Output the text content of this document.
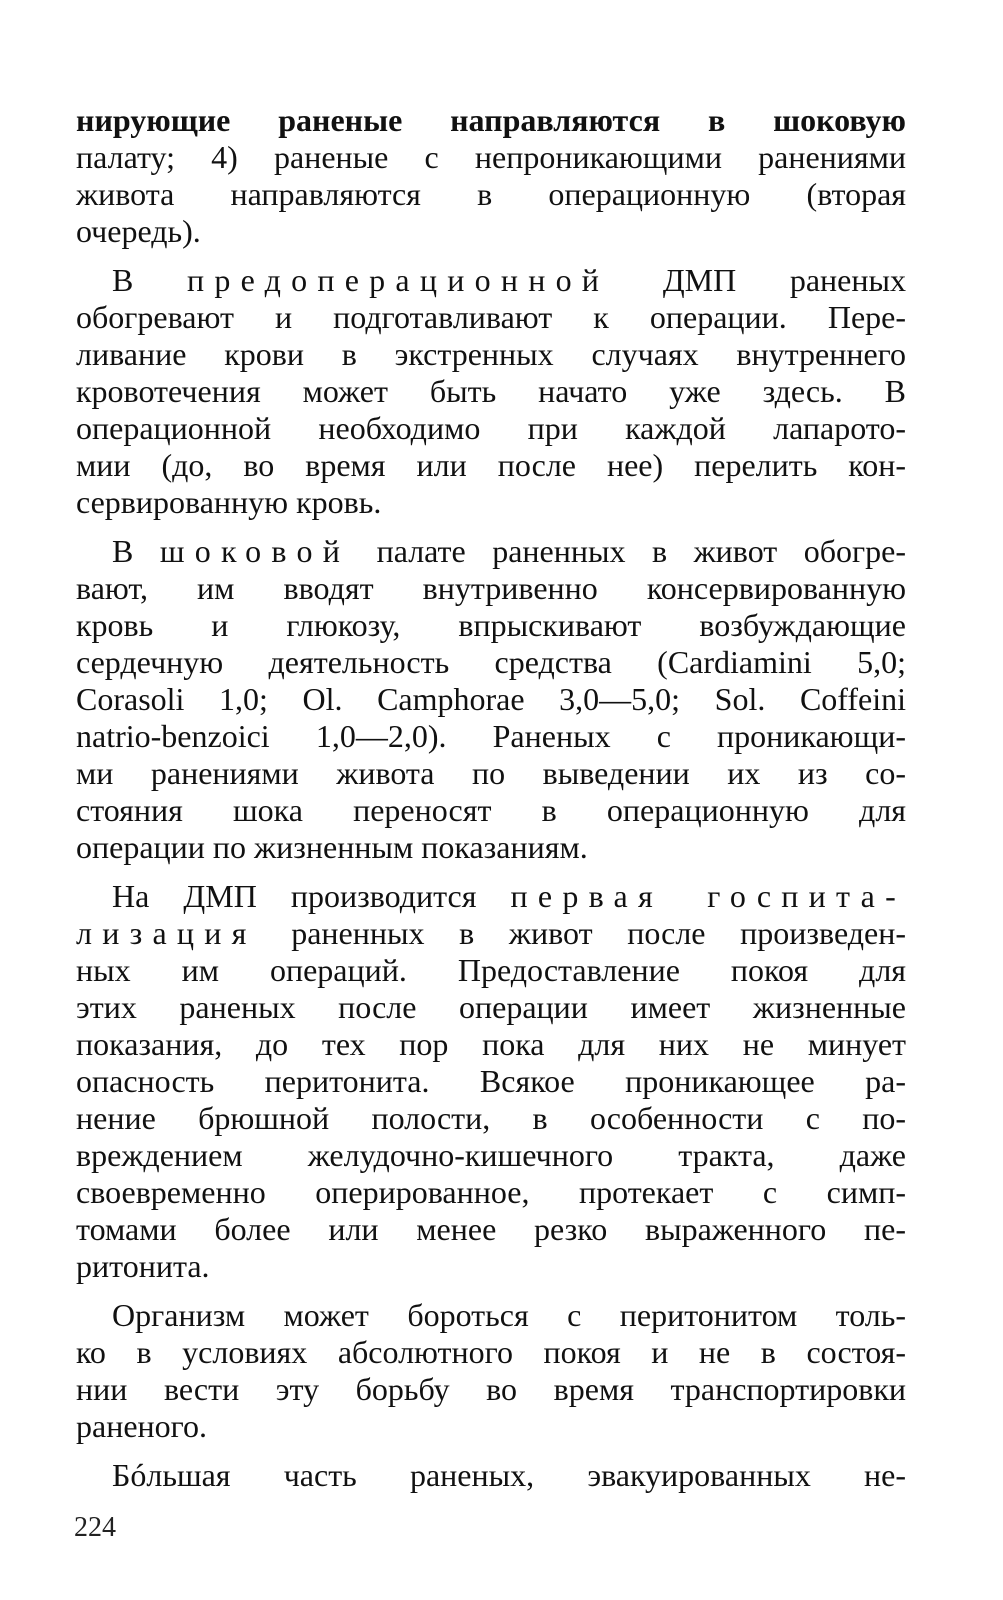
нирующие раненые направляются в шоковую
палату; 4) раненые с непроникающими ранениями
живота направляются в операционную (вторая
очередь).
В предоперационной ДМП раненых
обогревают и подготавливают к операции. Пере-
ливание крови в экстренных случаях внутреннего
кровотечения может быть начато уже здесь. В
операционной необходимо при каждой лапарото-
мии (до, во время или после нее) перелить кон-
сервированную кровь.
В шоковой палате раненных в живот обогре-
вают, им вводят внутривенно консервированную
кровь и глюкозу, впрыскивают возбуждающие
сердечную деятельность средства (Cardiamini 5,0;
Corasoli 1,0; Ol. Camphorae 3,0—5,0; Sol. Coffeini
natrio-benzoici 1,0—2,0). Раненых с проникающи-
ми ранениями живота по выведении их из со-
стояния шока переносят в операционную для
операции по жизненным показаниям.
На ДМП производится первая госпита-
лизация раненных в живот после произведен-
ных им операций. Предоставление покоя для
этих раненых после операции имеет жизненные
показания, до тех пор пока для них не минует
опасность перитонита. Всякое проникающее ра-
нение брюшной полости, в особенности с по-
вреждением желудочно-кишечного тракта, даже
своевременно оперированное, протекает с симп-
томами более или менее резко выраженного пе-
ритонита.
Организм может бороться с перитонитом толь-
ко в условиях абсолютного покоя и не в состоя-
нии вести эту борьбу во время транспортировки
раненого.
Бóльшая часть раненых, эвакуированных не-
224
